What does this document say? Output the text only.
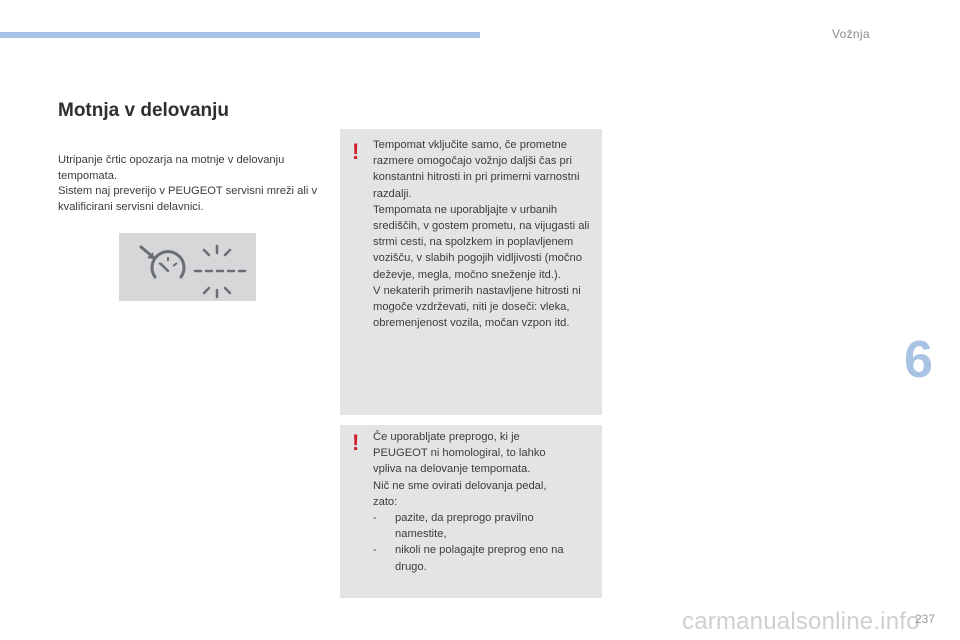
Vožnja
Motnja v delovanju

Utripanje črtic opozarja na motnje v delovanju tempomata.

Sistem naj preverijo v PEUGEOT servisni mreži ali v kvalificirani servisni delavnici.

! Tempomat vključite samo, če prometne razmere omogočajo vožnjo daljši čas pri konstantni hitrosti in pri primerni varnostni razdalji.

Tempomata ne uporabljajte v urbanih središčih, v gostem prometu, na vijugasti ali strmi cesti, na spolzkem in poplavljenem vozišču, v slabih pogojih vidljivosti (močno deževje, megla, močno sneženje itd.).

V nekaterih primerih nastavljene hitrosti ni mogoče vzdrževati, niti je doseči: vleka, obremenjenost vozila, močan vzpon itd.

! Če uporabljate preprogo, ki je PEUGEOT ni homologiral, to lahko vpliva na delovanje tempomata.

Nič ne sme ovirati delovanja pedal, zato:

- pazite, da preprogo pravilno namestite,
- nikoli ne polagajte preprog eno na drugo.
6
carmanualsonline.info
237
